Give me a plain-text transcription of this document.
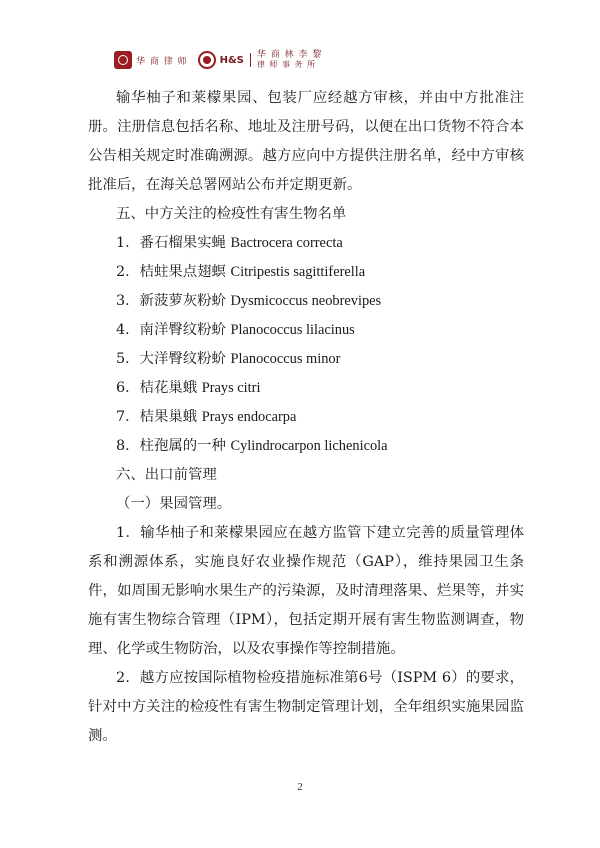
华 商 律 师	H&S 华 商 林 李 黎
律 师 事 务 所

输华柚子和莱檬果园、包装厂应经越方审核，并由中方批准注册。注册信息包括名称、地址及注册号码，以便在出口货物不符合本公告相关规定时准确溯源。越方应向中方提供注册名单，经中方审核批准后，在海关总署网站公布并定期更新。

五、中方关注的检疫性有害生物名单

1．番石榴果实蝇 Bactrocera correcta

2．桔蛀果点翅螟 Citripestis sagittiferella

3．新菠萝灰粉蚧 Dysmicoccus neobrevipes

4．南洋臀纹粉蚧 Planococcus lilacinus

5．大洋臀纹粉蚧 Planococcus minor

6．桔花巢蛾 Prays citri

7．桔果巢蛾 Prays endocarpa

8．柱孢属的一种 Cylindrocarpon lichenicola

六、出口前管理

（一）果园管理。

1．输华柚子和莱檬果园应在越方监管下建立完善的质量管理体系和溯源体系，实施良好农业操作规范（GAP），维持果园卫生条件，如周围无影响水果生产的污染源，及时清理落果、烂果等，并实施有害生物综合管理（IPM），包括定期开展有害生物监测调查，物理、化学或生物防治，以及农事操作等控制措施。

2．越方应按国际植物检疫措施标准第6号（ISPM 6）的要求，针对中方关注的检疫性有害生物制定管理计划，全年组织实施果园监测。

2
